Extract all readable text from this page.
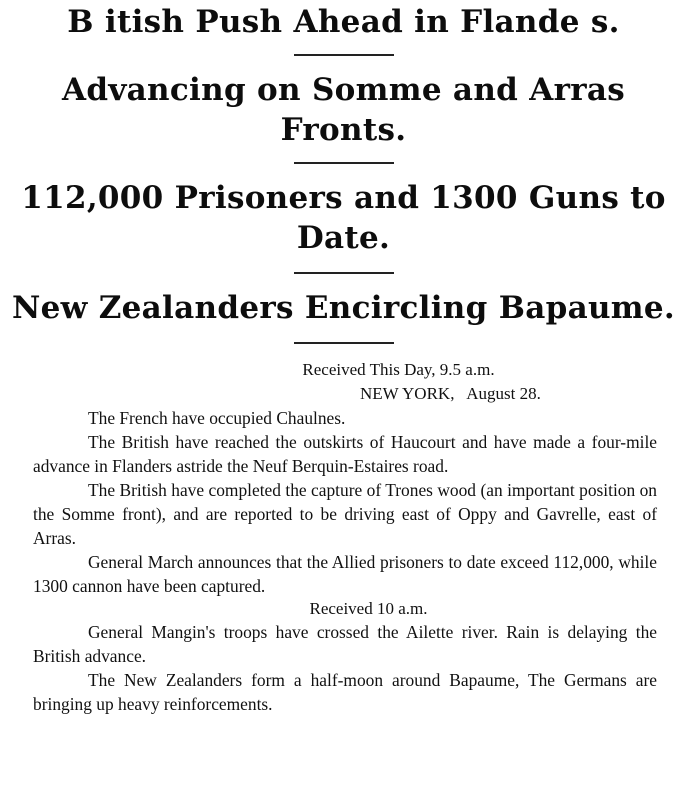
B itish Push Ahead in Flande s.
Advancing on Somme and Arras Fronts.
112,000 Prisoners and 1300 Guns to Date.
New Zealanders Encircling Bapaume.

Received This Day, 9.5 a.m.

NEW YORK, August 28.

The French have occupied Chaulnes.

The British have reached the outskirts of Haucourt and have made a four-mile advance in Flanders astride the Neuf Berquin-Estaires road.

The British have completed the capture of Trones wood (an important position on the Somme front), and are reported to be driving east of Oppy and Gavrelle, east of Arras.

General March announces that the Allied prisoners to date exceed 112,000, while 1300 cannon have been captured.

Received 10 a.m.

General Mangin's troops have crossed the Ailette river. Rain is delaying the British advance.

The New Zealanders form a half-moon around Bapaume, The Germans are bringing up heavy reinforcements.
